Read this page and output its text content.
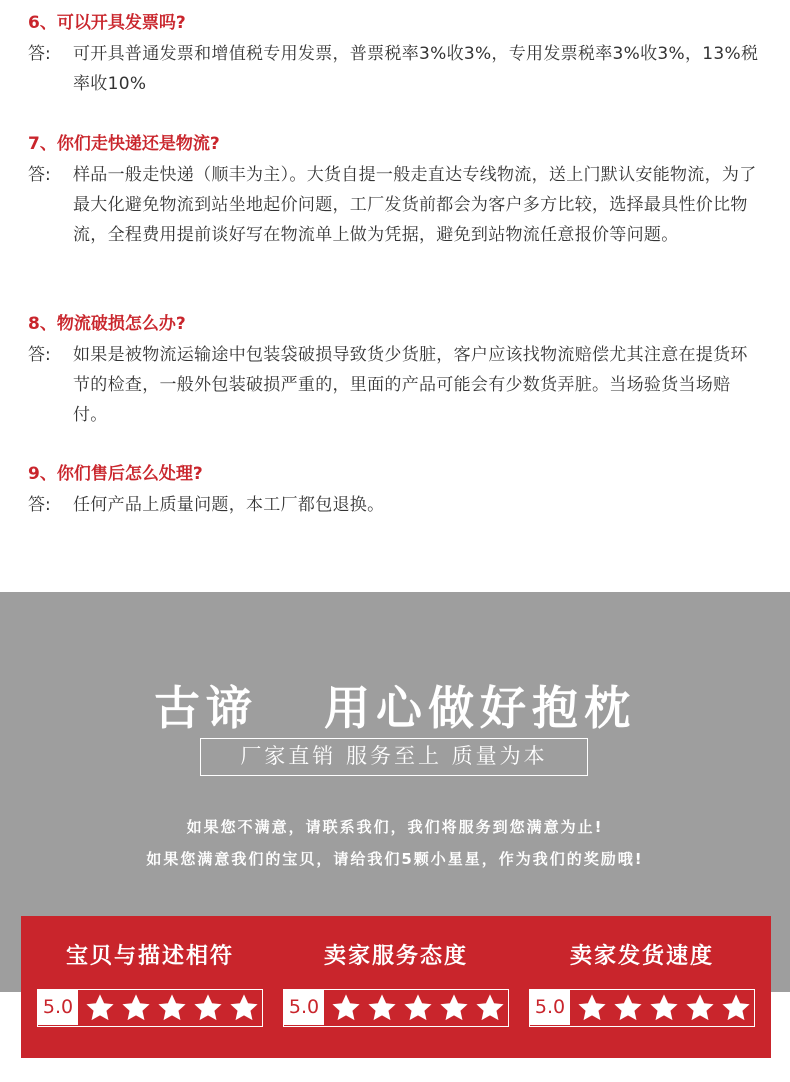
6、可以开具发票吗?
答:	可开具普通发票和增值税专用发票，普票税率3%收3%，专用发票税率3%收3%，13%税率收10%
7、你们走快递还是物流?
答:	样品一般走快递（顺丰为主）。大货自提一般走直达专线物流，送上门默认安能物流，为了最大化避免物流到站坐地起价问题，工厂发货前都会为客户多方比较，选择最具性价比物流，全程费用提前谈好写在物流单上做为凭据，避免到站物流任意报价等问题。
8、物流破损怎么办?
答:	如果是被物流运输途中包装袋破损导致货少货脏，客户应该找物流赔偿尤其注意在提货环节的检查，一般外包装破损严重的，里面的产品可能会有少数货弄脏。当场验货当场赔付。
9、你们售后怎么处理?
答:	任何产品上质量问题，本工厂都包退换。
古谛   用心做好抱枕
厂家直销 服务至上 质量为本

如果您不满意，请联系我们，我们将服务到您满意为止!

如果您满意我们的宝贝，请给我们5颗小星星，作为我们的奖励哦!

宝贝与描述相符
5.0
卖家服务态度
5.0
卖家发货速度
5.0
